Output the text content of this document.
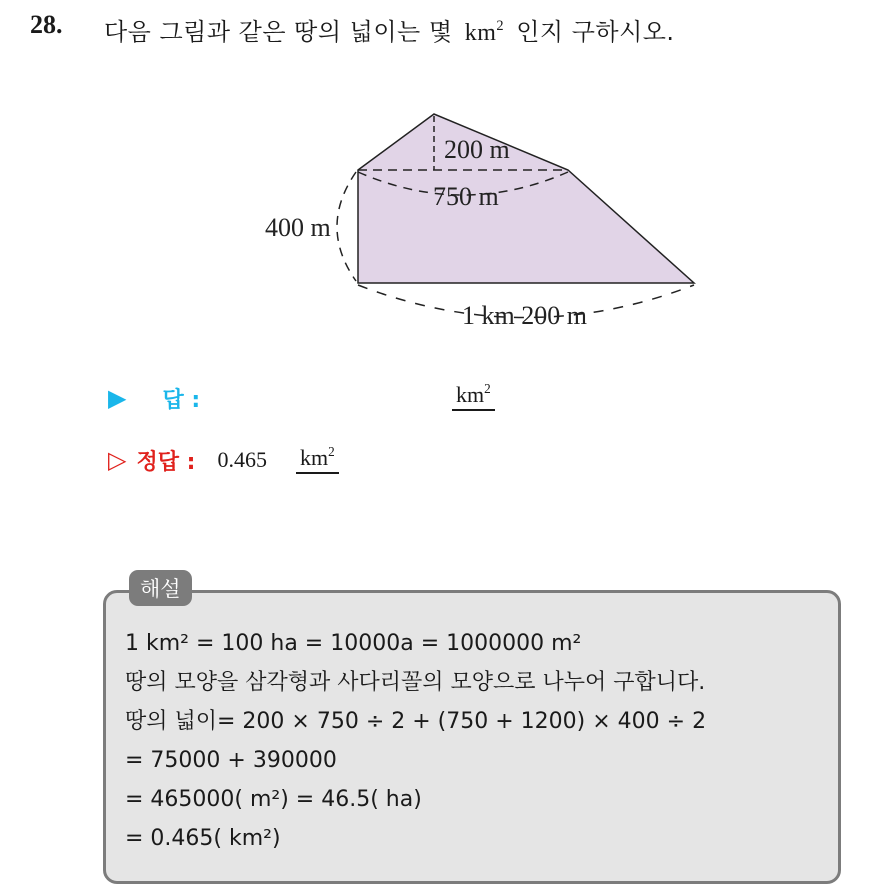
28. 다음 그림과 같은 땅의 넓이는 몇 $km^2$ 인지 구하시오.
200 m
750 m
400 m
1 km 200 m
▶ 답 :	$km^2$
▷ 정답 : 0.465 $km^2$
해설
1 km² = 100 ha = 10000a = 1000000 m²
땅의 모양을 삼각형과 사다리꼴의 모양으로 나누어 구합니다.
땅의 넓이= 200 × 750 ÷ 2 + (750 + 1200) × 400 ÷ 2
= 75000 + 390000
= 465000( m²) = 46.5( ha)
= 0.465( km²)
